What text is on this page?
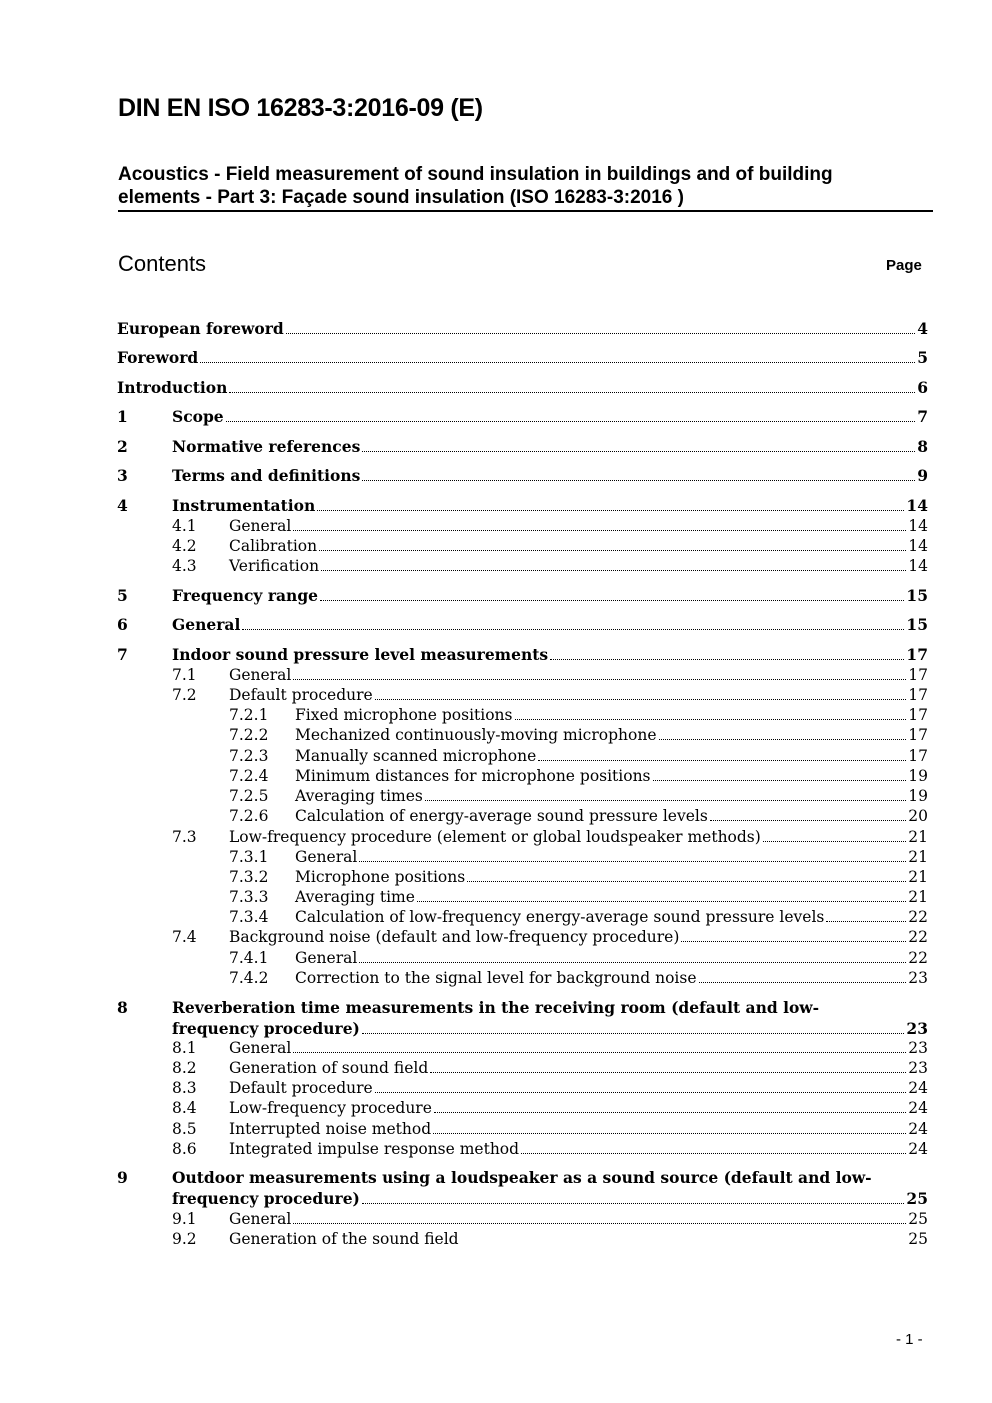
DIN EN ISO 16283-3:2016-09 (E)
Acoustics - Field measurement of sound insulation in buildings and of building
elements - Part 3: Façade sound insulation (ISO 16283-3:2016 )
Contents	Page
European foreword	4
Foreword	5
Introduction	6
1	Scope	7
2	Normative references	8
3	Terms and definitions	9
4	Instrumentation	14
4.1 General	14
4.2 Calibration	14
4.3 Verification	14
5	Frequency range	15
6	General	15
7	Indoor sound pressure level measurements	17
7.1 General	17
7.2 Default procedure	17
7.2.1 Fixed microphone positions	17
7.2.2 Mechanized continuously-moving microphone	17
7.2.3 Manually scanned microphone	17
7.2.4 Minimum distances for microphone positions	19
7.2.5 Averaging times	19
7.2.6 Calculation of energy-average sound pressure levels	20
7.3 Low-frequency procedure (element or global loudspeaker methods)	21
7.3.1 General	21
7.3.2 Microphone positions	21
7.3.3 Averaging time	21
7.3.4 Calculation of low-frequency energy-average sound pressure levels	22
7.4 Background noise (default and low-frequency procedure)	22
7.4.1 General	22
7.4.2 Correction to the signal level for background noise	23
8	Reverberation time measurements in the receiving room (default and low-
frequency procedure)	23
8.1 General	23
8.2 Generation of sound field	23
8.3 Default procedure	24
8.4 Low-frequency procedure	24
8.5 Interrupted noise method	24
8.6 Integrated impulse response method	24
9	Outdoor measurements using a loudspeaker as a sound source (default and low-
frequency procedure)	25
9.1 General	25
9.2 Generation of the sound field	25
- 1 -
